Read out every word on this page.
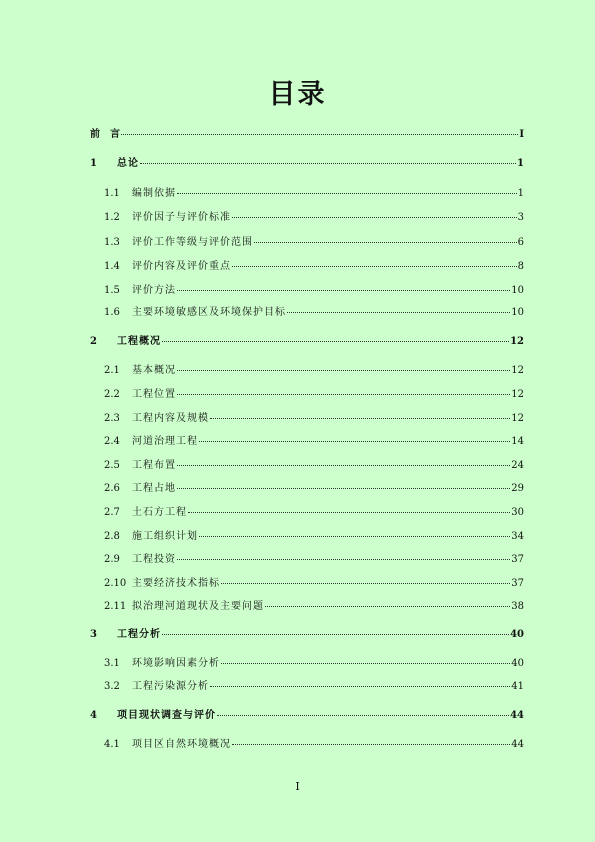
目录
前　言	I
1	总论	1
1.1	编制依据	1
1.2	评价因子与评价标准	3
1.3	评价工作等级与评价范围	6
1.4	评价内容及评价重点	8
1.5	评价方法	10
1.6	主要环境敏感区及环境保护目标	10
2	工程概况	12
2.1	基本概况	12
2.2	工程位置	12
2.3	工程内容及规模	12
2.4	河道治理工程	14
2.5	工程布置	24
2.6	工程占地	29
2.7	土石方工程	30
2.8	施工组织计划	34
2.9	工程投资	37
2.10 主要经济技术指标	37
2.11 拟治理河道现状及主要问题	38
3	工程分析	40
3.1	环境影响因素分析	40
3.2	工程污染源分析	41
4	项目现状调查与评价	44
4.1	项目区自然环境概况	44
I
